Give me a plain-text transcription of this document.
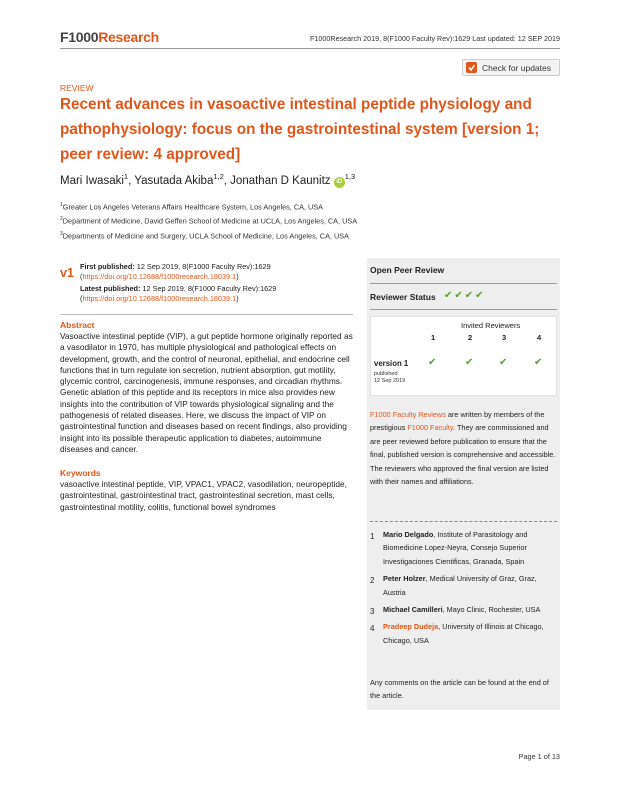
F1000Research	F1000Research 2019, 8(F1000 Faculty Rev):1629 Last updated: 12 SEP 2019
Check for updates
REVIEW
Recent advances in vasoactive intestinal peptide physiology and pathophysiology: focus on the gastrointestinal system [version 1; peer review: 4 approved]
Mari Iwasaki$^1$, Yasutada Akiba$^{1,2}$, Jonathan D Kaunitz iD$^{1,3}$
$^1$Greater Los Angeles Veterans Affairs Healthcare System, Los Angeles, CA, USA
$^2$Department of Medicine, David Geffen School of Medicine at UCLA, Los Angeles, CA, USA
$^3$Departments of Medicine and Surgery, UCLA School of Medicine, Los Angeles, CA, USA
v1 First published: 12 Sep 2019, 8(F1000 Faculty Rev):1629 (https://doi.org/10.12688/f1000research.18039.1)

Latest published: 12 Sep 2019, 8(F1000 Faculty Rev):1629 (https://doi.org/10.12688/f1000research.18039.1)

Abstract

Vasoactive intestinal peptide (VIP), a gut peptide hormone originally reported as a vasodilator in 1970, has multiple physiological and pathological effects on development, growth, and the control of neuronal, epithelial, and endocrine cell functions that in turn regulate ion secretion, nutrient absorption, gut motility, glycemic control, carcinogenesis, immune responses, and circadian rhythms. Genetic ablation of this peptide and its receptors in mice also provides new insights into the contribution of VIP towards physiological signaling and the pathogenesis of related diseases. Here, we discuss the impact of VIP on gastrointestinal function and diseases based on recent findings, also providing insight into its possible therapeutic application to diabetes, autoimmune diseases and cancer.

Keywords

vasoactive intestinal peptide, VIP, VPAC1, VPAC2, vasodilation, neuropeptide, gastrointestinal, gastrointestinal tract, gastrointestinal secretion, mast cells, gastrointestinal motility, colitis, functional bowel syndromes

Open Peer Review
Reviewer Status ✔✔✔✔
Invited Reviewers
1	2	3	4
version 1
published
12 Sep 2019
✔	✔	✔	✔
F1000 Faculty Reviews are written by members of the prestigious F1000 Faculty. They are commissioned and are peer reviewed before publication to ensure that the final, published version is comprehensive and accessible. The reviewers who approved the final version are listed with their names and affiliations.
1 Mario Delgado, Institute of Parasitology and Biomedicine Lopez-Neyra, Consejo Superior Investigaciones Cientificas, Granada, Spain
2 Peter Holzer, Medical University of Graz, Graz, Austria
3 Michael Camilleri, Mayo Clinic, Rochester, USA
4 Pradeep Dudeja, University of Illinois at Chicago, Chicago, USA
Any comments on the article can be found at the end of the article.
Page 1 of 13
